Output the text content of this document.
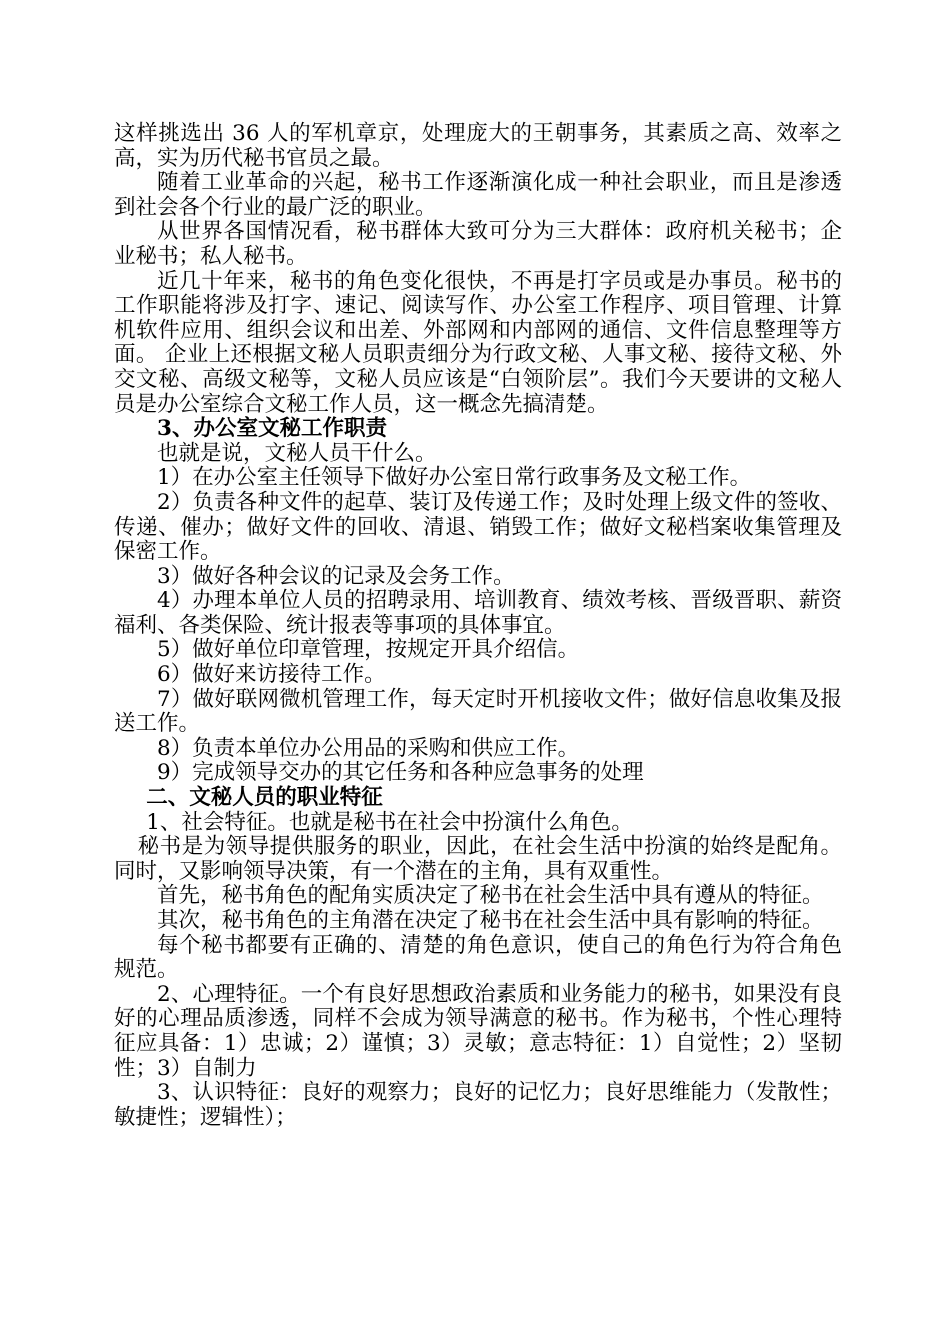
这样挑选出 36 人的军机章京，处理庞大的王朝事务，其素质之高、效率之高，实为历代秘书官员之最。

随着工业革命的兴起，秘书工作逐渐演化成一种社会职业，而且是渗透到社会各个行业的最广泛的职业。

从世界各国情况看，秘书群体大致可分为三大群体：政府机关秘书；企业秘书；私人秘书。

近几十年来，秘书的角色变化很快，不再是打字员或是办事员。秘书的工作职能将涉及打字、速记、阅读写作、办公室工作程序、项目管理、计算机软件应用、组织会议和出差、外部网和内部网的通信、文件信息整理等方面。 企业上还根据文秘人员职责细分为行政文秘、人事文秘、接待文秘、外交文秘、高级文秘等，文秘人员应该是“白领阶层”。我们今天要讲的文秘人员是办公室综合文秘工作人员，这一概念先搞清楚。

3、办公室文秘工作职责

也就是说，文秘人员干什么。

1）在办公室主任领导下做好办公室日常行政事务及文秘工作。

2）负责各种文件的起草、装订及传递工作；及时处理上级文件的签收、传递、催办；做好文件的回收、清退、销毁工作；做好文秘档案收集管理及保密工作。

3）做好各种会议的记录及会务工作。

4）办理本单位人员的招聘录用、培训教育、绩效考核、晋级晋职、薪资福利、各类保险、统计报表等事项的具体事宜。

5）做好单位印章管理，按规定开具介绍信。

6）做好来访接待工作。

7）做好联网微机管理工作，每天定时开机接收文件；做好信息收集及报送工作。

8）负责本单位办公用品的采购和供应工作。

9）完成领导交办的其它任务和各种应急事务的处理

二、文秘人员的职业特征

1、社会特征。也就是秘书在社会中扮演什么角色。

秘书是为领导提供服务的职业，因此，在社会生活中扮演的始终是配角。同时，又影响领导决策，有一个潜在的主角，具有双重性。

首先，秘书角色的配角实质决定了秘书在社会生活中具有遵从的特征。

其次，秘书角色的主角潜在决定了秘书在社会生活中具有影响的特征。

每个秘书都要有正确的、清楚的角色意识，使自己的角色行为符合角色规范。

2、心理特征。一个有良好思想政治素质和业务能力的秘书，如果没有良好的心理品质渗透，同样不会成为领导满意的秘书。作为秘书，个性心理特征应具备：1）忠诚；2）谨慎；3）灵敏；意志特征：1）自觉性；2）坚韧性；3）自制力

3、认识特征：良好的观察力；良好的记忆力；良好思维能力（发散性；敏捷性；逻辑性）；
